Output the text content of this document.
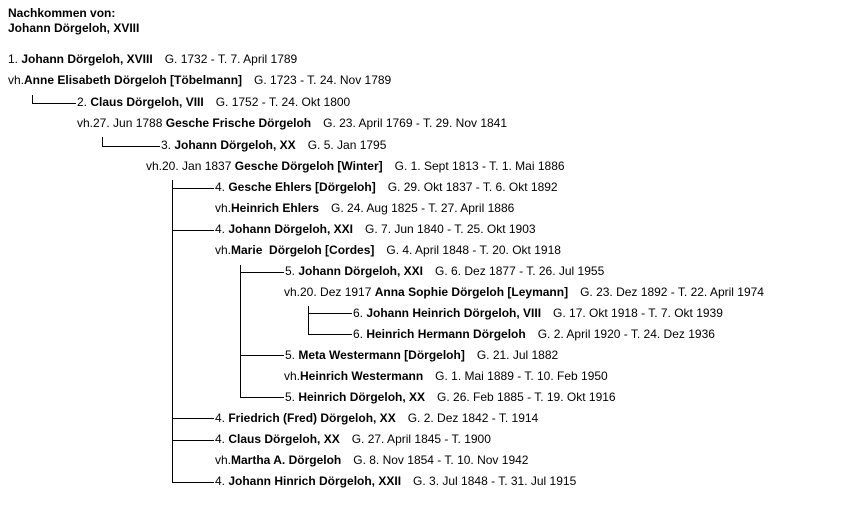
Nachkommen von:
Johann Dörgeloh, XVIII
1. Johann Dörgeloh, XVIII G. 1732 - T. 7. April 1789
vh.Anne Elisabeth Dörgeloh [Töbelmann] G. 1723 - T. 24. Nov 1789
2. Claus Dörgeloh, VIII G. 1752 - T. 24. Okt 1800
vh.27. Jun 1788 Gesche Frische Dörgeloh G. 23. April 1769 - T. 29. Nov 1841
3. Johann Dörgeloh, XX G. 5. Jan 1795
vh.20. Jan 1837 Gesche Dörgeloh [Winter] G. 1. Sept 1813 - T. 1. Mai 1886
4. Gesche Ehlers [Dörgeloh] G. 29. Okt 1837 - T. 6. Okt 1892
vh.Heinrich Ehlers G. 24. Aug 1825 - T. 27. April 1886
4. Johann Dörgeloh, XXI G. 7. Jun 1840 - T. 25. Okt 1903
vh.Marie  Dörgeloh [Cordes] G. 4. April 1848 - T. 20. Okt 1918
5. Johann Dörgeloh, XXI G. 6. Dez 1877 - T. 26. Jul 1955
vh.20. Dez 1917 Anna Sophie Dörgeloh [Leymann] G. 23. Dez 1892 - T. 22. April 1974
6. Johann Heinrich Dörgeloh, VIII G. 17. Okt 1918 - T. 7. Okt 1939
6. Heinrich Hermann Dörgeloh G. 2. April 1920 - T. 24. Dez 1936
5. Meta Westermann [Dörgeloh] G. 21. Jul 1882
vh.Heinrich Westermann G. 1. Mai 1889 - T. 10. Feb 1950
5. Heinrich Dörgeloh, XX G. 26. Feb 1885 - T. 19. Okt 1916
4. Friedrich (Fred) Dörgeloh, XX G. 2. Dez 1842 - T. 1914
4. Claus Dörgeloh, XX G. 27. April 1845 - T. 1900
vh.Martha A. Dörgeloh G. 8. Nov 1854 - T. 10. Nov 1942
4. Johann Hinrich Dörgeloh, XXII G. 3. Jul 1848 - T. 31. Jul 1915
